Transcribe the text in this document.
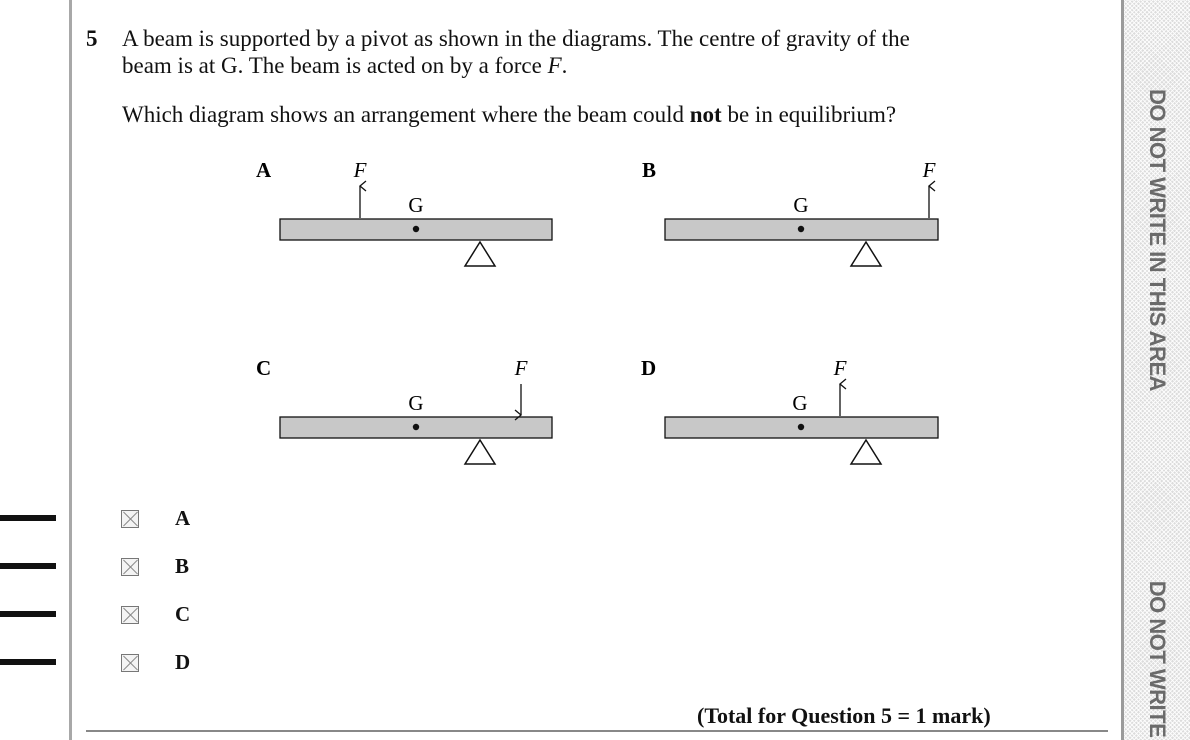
DO NOT WRITE IN THIS AREA
DO NOT WRITE
5 A beam is supported by a pivot as shown in the diagrams. The centre of gravity of the
beam is at G. The beam is acted on by a force F.
Which diagram shows an arrangement where the beam could not be in equilibrium?
A
G
F	B
G
F
C
G
F	D
G
F
A
B
C
D
(Total for Question 5 = 1 mark)
